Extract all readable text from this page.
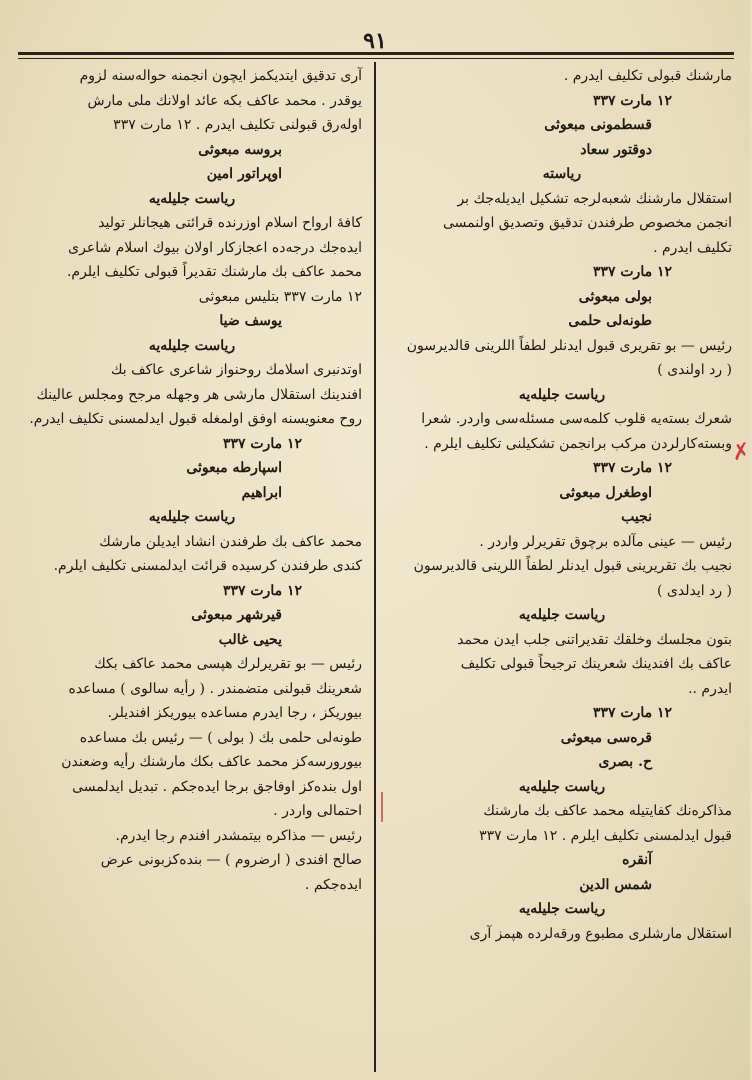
٩١
مارشنك قبولی تكلیف ایدرم .
١٢ مارت ٣٣٧
قسطمونی مبعوثی
دوقتور سعاد
ریاسته
استقلال مارشنك شعبه‌لرجه تشكیل ایدیله‌جك بر
انجمن مخصوص طرفندن تدقیق وتصدیق اولنمسی
تكلیف ایدرم .
١٢ مارت ٣٣٧
بولی مبعوثی
طونه‌لی حلمی
رئیس — بو تقریری قبول ایدنلر لطفاً اللرینی قالدیرسون
( رد اولندی )
ریاست جلیله‌یه
شعرك بسته‌یه قلوب كلمه‌سی مسئله‌سی واردر. شعرا
وبسته‌كارلردن مركب برانجمن تشكیلنی تكلیف ایلرم .
١٢ مارت ٣٣٧
اوطغرل مبعوثی
نجیب
رئیس — عینی مآلده برچوق تقریرلر واردر .
نجیب بك تقریرینی قبول ایدنلر لطفاً اللرینی قالدیرسون
( رد ایدلدی )
ریاست جلیله‌یه
بتون مجلسك وخلقك تقدیراتنی جلب ایدن محمد
عاكف بك افندینك شعرینك ترجیحاً قبولی تكلیف
ایدرم ..
١٢ مارت ٣٣٧
قره‌سی مبعوثی
ح. بصری
ریاست جلیله‌یه
مذاكره‌نك كفایتیله محمد عاكف بك مارشنك
قبول ایدلمسنی تكلیف ایلرم . ١٢ مارت ٣٣٧
آنقره
شمس الدین
ریاست جلیله‌یه
استقلال مارشلری مطبوع ورقه‌لرده هپمز آری
آری تدقیق ایتدیكمز ایچون انجمنه حواله‌سنه لزوم
یوقدر . محمد عاكف بكه عائد اولانك ملی مارش
اوله‌رق قبولنی تكلیف ایدرم . ١٢ مارت ٣٣٧
بروسه مبعوثی
اوپراتور امین
ریاست جلیله‌یه
كافهٔ ارواح اسلام اوزرنده قرائتی هیجانلر تولید
ایده‌جك درجه‌ده اعجازكار اولان بیوك اسلام شاعری
محمد عاكف بك مارشنك تقدیراً قبولی تكلیف ایلرم.
١٢ مارت ٣٣٧ بتلیس مبعوثی
یوسف ضیا
ریاست جلیله‌یه
اوتدنبری اسلامك روحنواز شاعری عاكف بك
افندینك استقلال مارشی هر وجهله مرجح ومجلس عالینك
روح معنویسنه اوفق اولمغله قبول ایدلمسنی تكلیف ایدرم.
١٢ مارت ٣٣٧
اسپارطه مبعوثی
ابراهیم
ریاست جلیله‌یه
محمد عاكف بك طرفندن انشاد ایدیلن مارشك
كندی طرفندن كرسیده قرائت ایدلمسنی تكلیف ایلرم.
١٢ مارت ٣٣٧
قیرشهر مبعوثی
یحیی غالب
رئیس — بو تقریرلرك هپسی محمد عاكف بكك
شعرینك قبولنی متضمندر . ( رأیه سالوی ) مساعده
بیوریكز ، رجا ایدرم مساعده بیوریكز افندیلر.
طونه‌لی حلمی بك ( بولی ) — رئیس بك مساعده
بیورورسه‌كز محمد عاكف بكك مارشنك رأیه وضعندن
اول بنده‌كز اوفاجق برجا ایده‌جكم . تبدیل ایدلمسی
احتمالی واردر .
رئیس — مذاكره بیتمشدر افندم رجا ایدرم.
صالح افندی ( ارضروم ) — بنده‌كزبونی عرض
ایده‌جكم .
✗
